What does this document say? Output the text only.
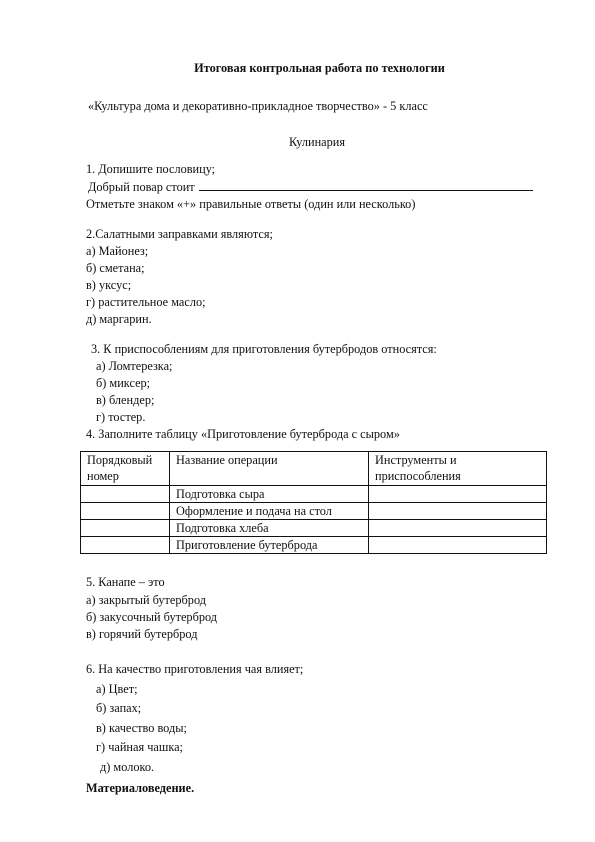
Итоговая контрольная работа по технологии
«Культура дома и декоративно-прикладное творчество» - 5 класс
Кулинария
1. Допишите пословицу;
Добрый повар стоит
Отметьте знаком «+» правильные ответы (один или несколько)
2.Салатными заправками являются;
а) Майонез;
б) сметана;
в) уксус;
г) растительное масло;
д) маргарин.
3. К приспособлениям для приготовления бутербродов относятся:
а) Ломтерезка;
б) миксер;
в) блендер;
г) тостер.
4. Заполните таблицу «Приготовление бутерброда с сыром»
Порядковый номер	Название операции	Инструменты и приспособления
	Подготовка сыра	
	Оформление и подача на стол	
	Подготовка хлеба	
	Приготовление бутерброда	
5. Канапе – это
а) закрытый бутерброд
б) закусочный бутерброд
в) горячий бутерброд
6. На качество приготовления чая влияет;
а) Цвет;
б) запах;
в) качество воды;
г) чайная чашка;
д) молоко.
Материаловедение.
